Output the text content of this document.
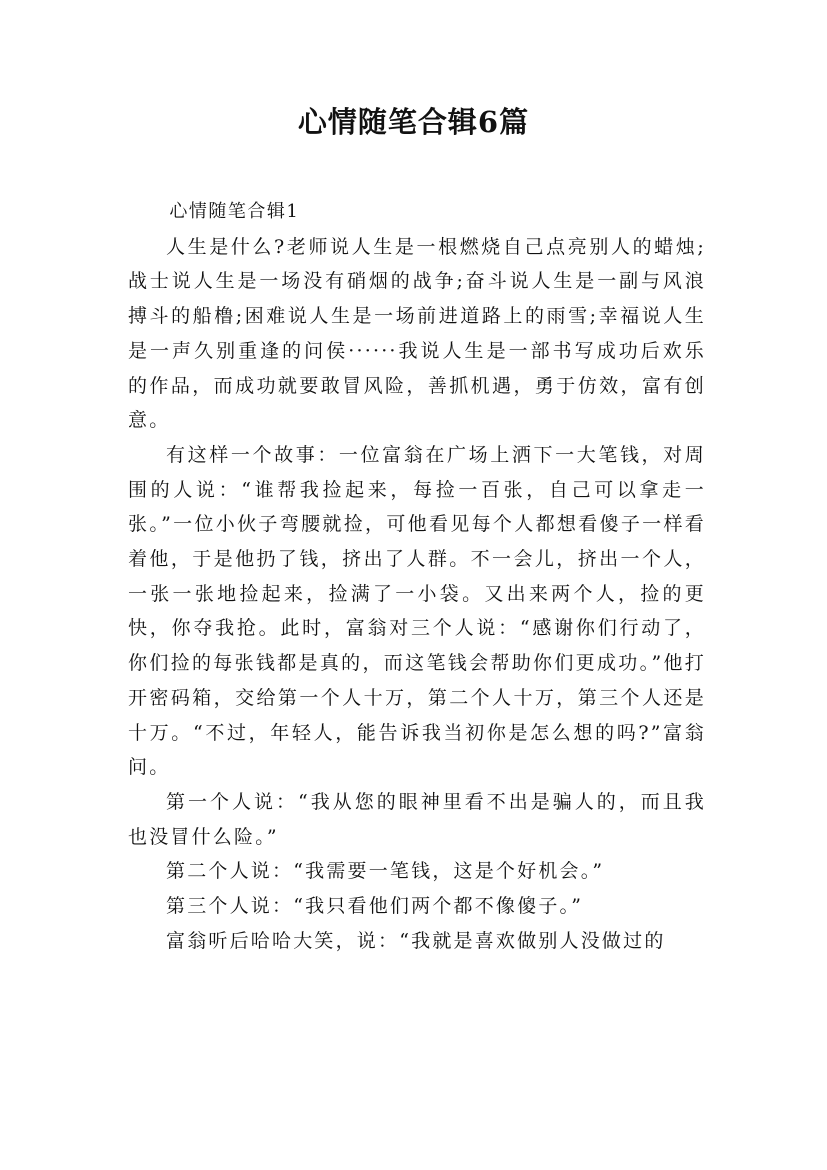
心情随笔合辑6篇

心情随笔合辑1

人生是什么?老师说人生是一根燃烧自己点亮别人的蜡烛;战士说人生是一场没有硝烟的战争;奋斗说人生是一副与风浪搏斗的船橹;困难说人生是一场前进道路上的雨雪;幸福说人生是一声久别重逢的问侯······我说人生是一部书写成功后欢乐的作品，而成功就要敢冒风险，善抓机遇，勇于仿效，富有创意。

有这样一个故事：一位富翁在广场上洒下一大笔钱，对周围的人说：“谁帮我捡起来，每捡一百张，自己可以拿走一张。”一位小伙子弯腰就捡，可他看见每个人都想看傻子一样看着他，于是他扔了钱，挤出了人群。不一会儿，挤出一个人，一张一张地捡起来，捡满了一小袋。又出来两个人，捡的更快，你夺我抢。此时，富翁对三个人说：“感谢你们行动了，你们捡的每张钱都是真的，而这笔钱会帮助你们更成功。”他打开密码箱，交给第一个人十万，第二个人十万，第三个人还是十万。“不过，年轻人，能告诉我当初你是怎么想的吗?”富翁问。

第一个人说：“我从您的眼神里看不出是骗人的，而且我也没冒什么险。”

第二个人说：“我需要一笔钱，这是个好机会。”

第三个人说：“我只看他们两个都不像傻子。”

富翁听后哈哈大笑，说：“我就是喜欢做别人没做过的
